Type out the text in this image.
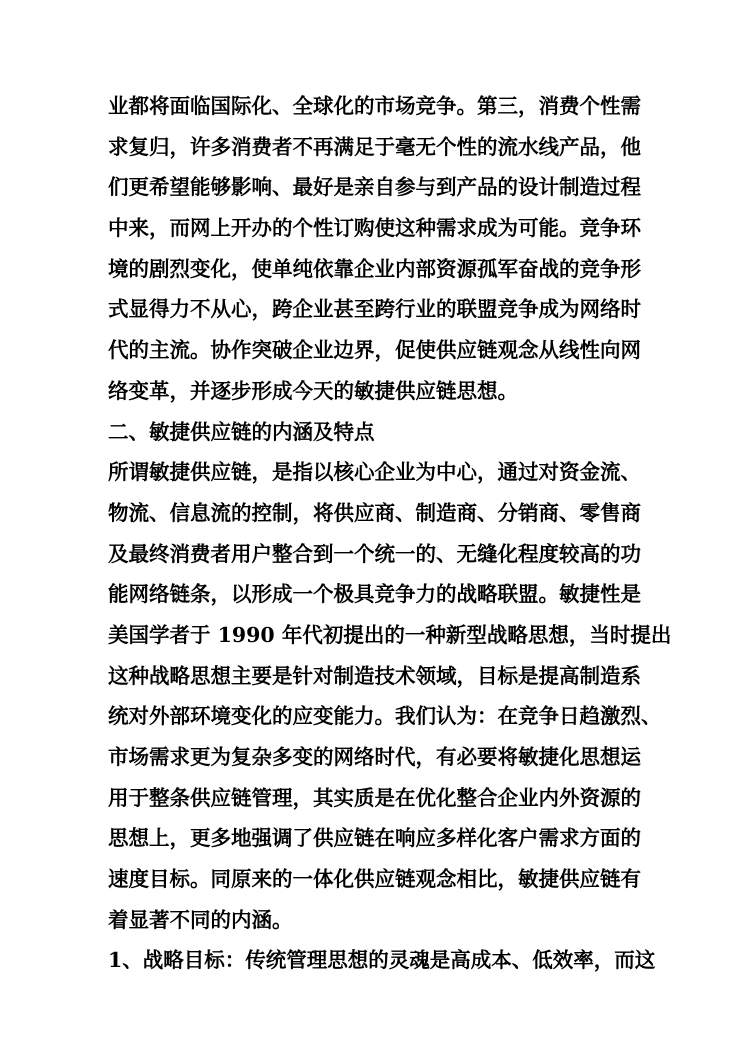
业都将面临国际化、全球化的市场竞争。第三，消费个性需
求复归，许多消费者不再满足于毫无个性的流水线产品，他
们更希望能够影响、最好是亲自参与到产品的设计制造过程
中来，而网上开办的个性订购使这种需求成为可能。竞争环
境的剧烈变化，使单纯依靠企业内部资源孤军奋战的竞争形
式显得力不从心，跨企业甚至跨行业的联盟竞争成为网络时
代的主流。协作突破企业边界，促使供应链观念从线性向网
络变革，并逐步形成今天的敏捷供应链思想。
二、敏捷供应链的内涵及特点
所谓敏捷供应链，是指以核心企业为中心，通过对资金流、
物流、信息流的控制，将供应商、制造商、分销商、零售商
及最终消费者用户整合到一个统一的、无缝化程度较高的功
能网络链条，以形成一个极具竞争力的战略联盟。敏捷性是
美国学者于 1990 年代初提出的一种新型战略思想，当时提出
这种战略思想主要是针对制造技术领域，目标是提高制造系
统对外部环境变化的应变能力。我们认为：在竞争日趋激烈、
市场需求更为复杂多变的网络时代，有必要将敏捷化思想运
用于整条供应链管理，其实质是在优化整合企业内外资源的
思想上，更多地强调了供应链在响应多样化客户需求方面的
速度目标。同原来的一体化供应链观念相比，敏捷供应链有
着显著不同的内涵。
1、战略目标：传统管理思想的灵魂是高成本、低效率，而这
